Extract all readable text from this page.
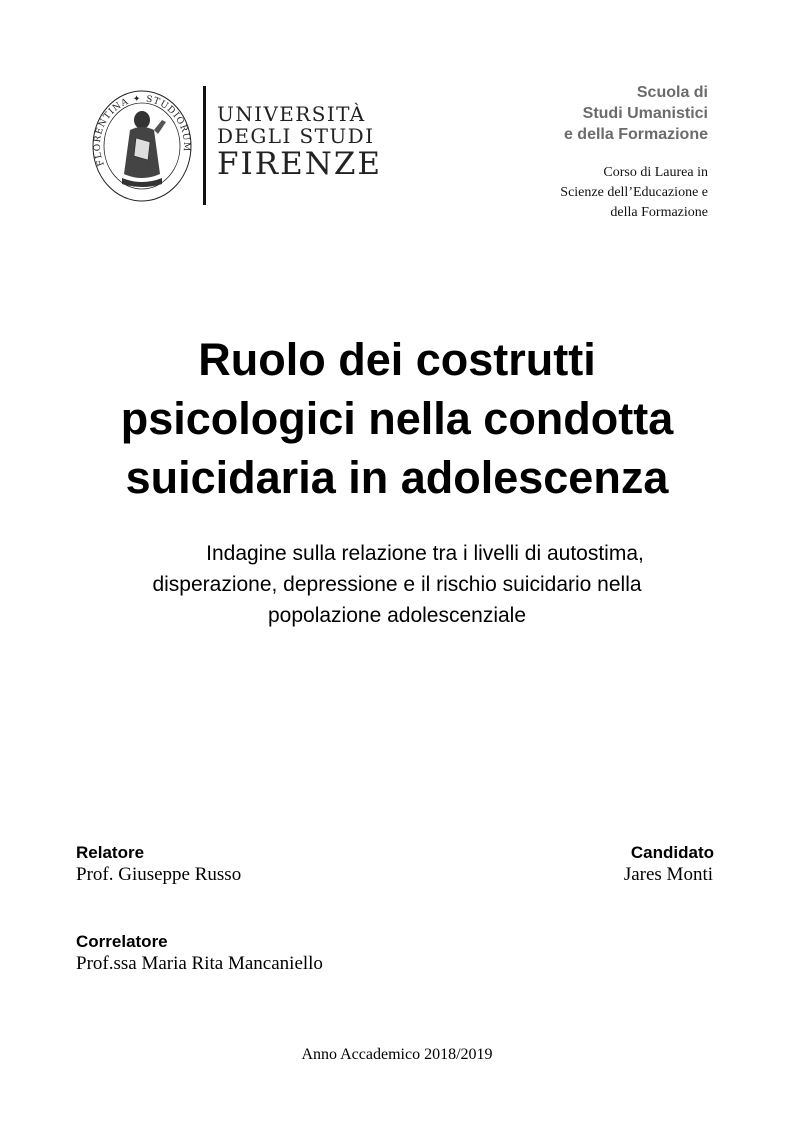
FLORENTINA ✦ STUDIORUM
UNIVERSITÀ
DEGLI STUDI
FIRENZE
Scuola di
Studi Umanistici
e della Formazione
Corso di Laurea in
Scienze dell’Educazione e
della Formazione
Ruolo dei costrutti
psicologici nella condotta
suicidaria in adolescenza
Indagine sulla relazione tra i livelli di autostima,
disperazione, depressione e il rischio suicidario nella
popolazione adolescenziale
Relatore
Prof. Giuseppe Russo
Candidato
Jares Monti
Correlatore
Prof.ssa Maria Rita Mancaniello
Anno Accademico 2018/2019
